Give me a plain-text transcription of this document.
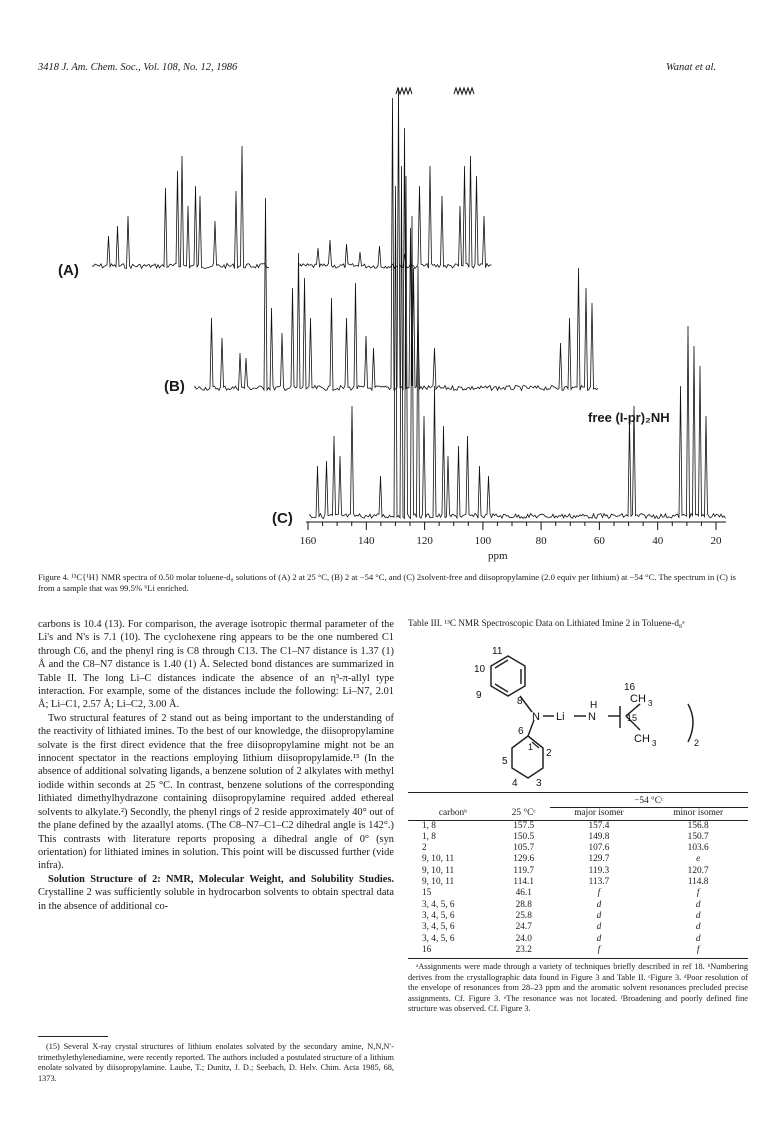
3418 J. Am. Chem. Soc., Vol. 108, No. 12, 1986	Wanat et al.
(A)
(B)
(C)
free (I-pr)₂NH
160	140	120	100	80	60	40	20
ppm
Figure 4. ¹³C{¹H} NMR spectra of 0.50 molar toluene-d₈ solutions of (A) 2 at 25 °C, (B) 2 at −54 °C, and (C) 2solvent-free and diisopropylamine (2.0 equiv per lithium) at −54 °C. The spectrum in (C) is from a sample that was 99.5% ⁶Li enriched.

carbons is 10.4 (13). For comparison, the average isotropic thermal parameter of the Li's and N's is 7.1 (10). The cyclohexene ring appears to be the one numbered C1 through C6, and the phenyl ring is C8 through C13. The C1–N7 distance is 1.37 (1) Å and the C8–N7 distance is 1.40 (1) Å. Selected bond distances are summarized in Table II. The long Li–C distances indicate the absence of an η³-π-allyl type interaction. For example, some of the distances include the following: Li–N7, 2.01 Å; Li–C1, 2.57 Å; Li–C2, 3.00 Å.

Two structural features of 2 stand out as being important to the understanding of the reactivity of lithiated imines. To the best of our knowledge, the diisopropylamine solvate is the first direct evidence that the free diisopropylamine might not be an innocent spectator in the reactions employing lithium diisopropylamide.¹⁵ (In the absence of additional solvating ligands, a benzene solution of 2 alkylates with methyl iodide within seconds at 25 °C. In contrast, benzene solutions of the corresponding lithiated dimethylhydrazone containing diisopropylamine required added ethereal solvents to alkylate.²) Secondly, the phenyl rings of 2 reside approximately 40° out of the plane defined by the azaallyl atoms. (The C8–N7–C1–C2 dihedral angle is 142°.) This contrasts with literature reports proposing a dihedral angle of 0° (syn orientation) for lithiated imines in solution. This point will be discussed further (vide infra).

Solution Structure of 2: NMR, Molecular Weight, and Solubility Studies. Crystalline 2 was sufficiently soluble in hydrocarbon solvents to obtain spectral data in the absence of additional co-

(15) Several X-ray crystal structures of lithium enolates solvated by the secondary amine, N,N,N′-trimethylethylenediamine, were recently reported. The authors included a postulated structure of a lithium enolate solvated by diisopropylamine. Laube, T.; Dunitz, J. D.; Seebach, D. Helv. Chim. Acta 1985, 68, 1373.

Table III. ¹³C NMR Spectroscopic Data on Lithiated Imine 2 in Toluene-d₈ᵃ
11
10
9
8
N Li N
H
CH 3
16
15
CH 3	2
6
1
2
5
4 3
		−54 °Cᶜ	
carbonᵇ	25 °Cᶜ	major isomer	minor isomer
1, 8	157.5	157.4	156.8
1, 8	150.5	149.8	150.7
2	105.7	107.6	103.6
9, 10, 11	129.6	129.7	e
9, 10, 11	119.7	119.3	120.7
9, 10, 11	114.1	113.7	114.8
15	46.1	f	f
3, 4, 5, 6	28.8	d	d
3, 4, 5, 6	25.8	d	d
3, 4, 5, 6	24.7	d	d
3, 4, 5, 6	24.0	d	d
16	23.2	f	f

ᵃAssignments were made through a variety of techniques briefly described in ref 18. ᵇNumbering derives from the crystallographic data found in Figure 3 and Table II. ᶜFigure 3. ᵈPoor resolution of the envelope of resonances from 28–23 ppm and the aromatic solvent resonances precluded precise assignments. Cf. Figure 3. ᵉThe resonance was not located. ᶠBroadening and poorly defined fine structure was observed. Cf. Figure 3.
